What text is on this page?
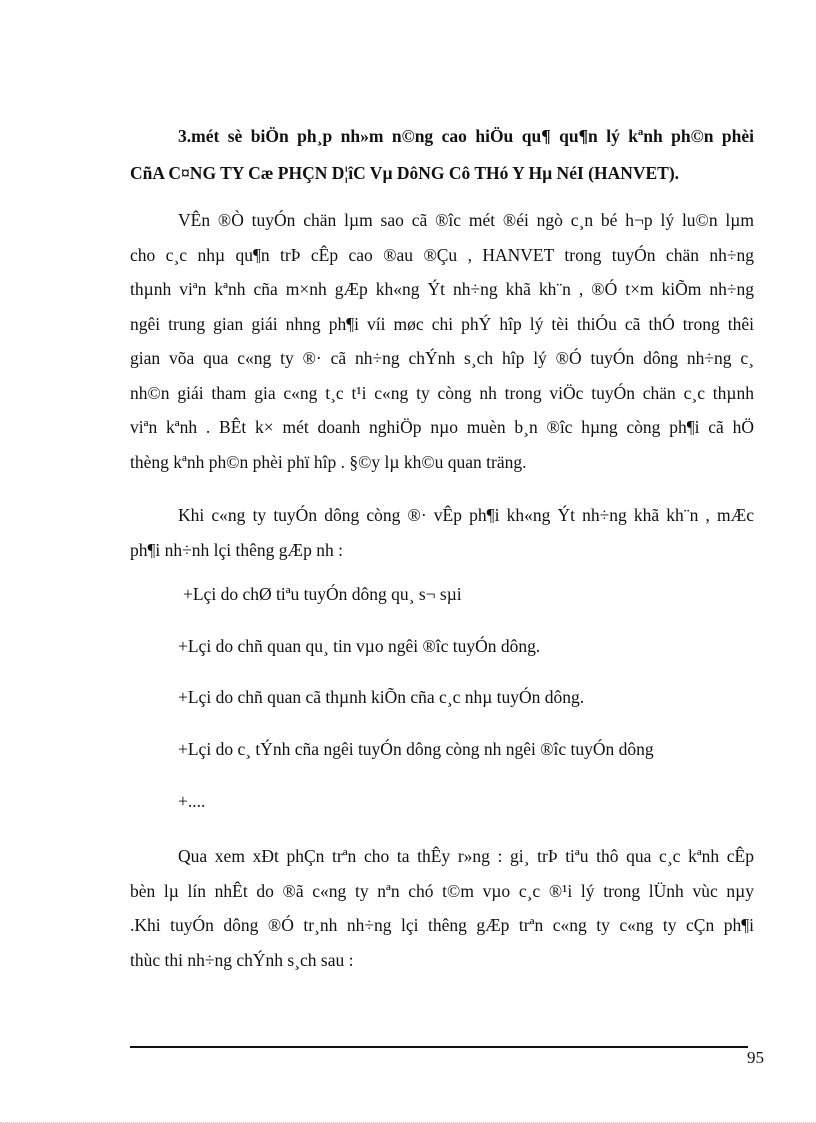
3.mét sè biÖn ph¸p nh»m n©ng cao hiÖu qu¶ qu¶n lý kªnh ph©n phèi
CñA C¤NG TY Cæ PHÇN D¦îC Vµ DôNG Cô THó Y Hµ NéI (HANVET).
VÊn ®Ò tuyÓn chän lµm sao cã ®îc mét ®éi ngò c¸n bé h¬p lý lu©n lµm
cho c¸c nhµ qu¶n trÞ cÊp cao ®au ®Çu , HANVET trong tuyÓn chän nh÷ng
thµnh viªn kªnh cña m×nh gÆp kh«ng Ýt nh÷ng khã kh¨n , ®Ó t×m kiÕm nh÷ng
ngêi trung gian giái nhng ph¶i víi møc chi phÝ hîp lý tèi thiÓu cã thÓ trong thêi
gian võa qua c«ng ty ®· cã nh÷ng chÝnh s¸ch hîp lý ®Ó tuyÓn dông nh÷ng c¸
nh©n giái tham gia c«ng t¸c t¹i c«ng ty còng nh trong viÖc tuyÓn chän c¸c thµnh
viªn kªnh . BÊt k× mét doanh nghiÖp nµo muèn b¸n ®îc hµng còng ph¶i cã hÖ
thèng kªnh ph©n phèi phï hîp . §©y lµ kh©u quan träng.
Khi c«ng ty tuyÓn dông còng ®· vÊp ph¶i kh«ng Ýt nh÷ng khã kh¨n , mÆc
ph¶i nh÷nh lçi thêng gÆp nh :

+Lçi do chØ tiªu tuyÓn dông qu¸ s¬ sµi

+Lçi do chñ quan qu¸ tin vµo ngêi ®îc tuyÓn dông.

+Lçi do chñ quan cã thµnh kiÕn cña c¸c nhµ tuyÓn dông.

+Lçi do c¸ tÝnh cña ngêi tuyÓn dông còng nh ngêi ®îc tuyÓn dông

+....

Qua xem xÐt phÇn trªn cho ta thÊy r»ng : gi¸ trÞ tiªu thô qua c¸c kªnh cÊp
bèn lµ lín nhÊt do ®ã c«ng ty nªn chó t©m vµo c¸c ®¹i lý trong lÜnh vùc nµy
.Khi tuyÓn dông ®Ó tr¸nh nh÷ng lçi thêng gÆp trªn c«ng ty c«ng ty cÇn ph¶i
thùc thi nh÷ng chÝnh s¸ch sau :
95
